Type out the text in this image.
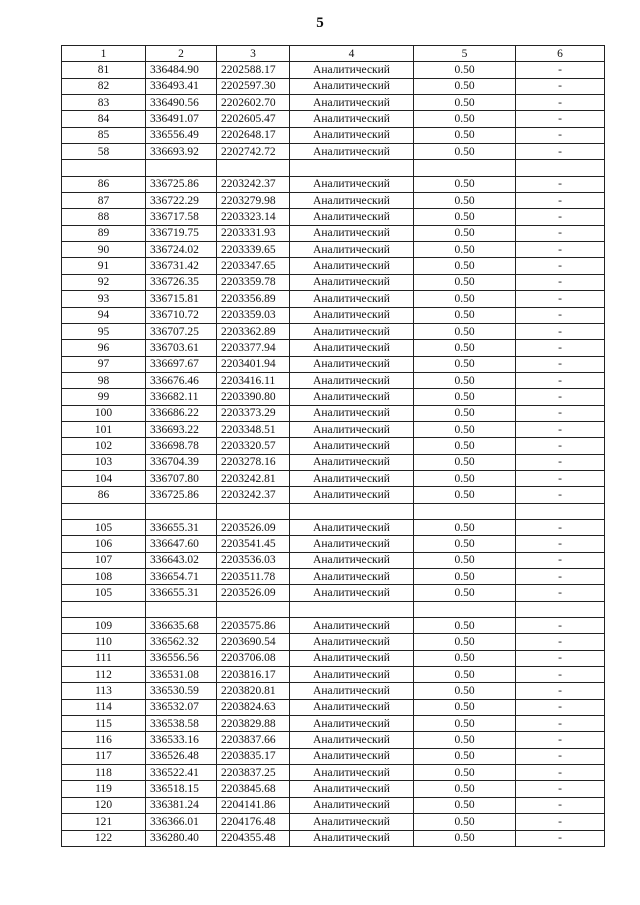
5
1	2	3	4	5	6
81	336484.90	2202588.17	Аналитический	0.50	-
82	336493.41	2202597.30	Аналитический	0.50	-
83	336490.56	2202602.70	Аналитический	0.50	-
84	336491.07	2202605.47	Аналитический	0.50	-
85	336556.49	2202648.17	Аналитический	0.50	-
58	336693.92	2202742.72	Аналитический	0.50	-

86	336725.86	2203242.37	Аналитический	0.50	-
87	336722.29	2203279.98	Аналитический	0.50	-
88	336717.58	2203323.14	Аналитический	0.50	-
89	336719.75	2203331.93	Аналитический	0.50	-
90	336724.02	2203339.65	Аналитический	0.50	-
91	336731.42	2203347.65	Аналитический	0.50	-
92	336726.35	2203359.78	Аналитический	0.50	-
93	336715.81	2203356.89	Аналитический	0.50	-
94	336710.72	2203359.03	Аналитический	0.50	-
95	336707.25	2203362.89	Аналитический	0.50	-
96	336703.61	2203377.94	Аналитический	0.50	-
97	336697.67	2203401.94	Аналитический	0.50	-
98	336676.46	2203416.11	Аналитический	0.50	-
99	336682.11	2203390.80	Аналитический	0.50	-
100	336686.22	2203373.29	Аналитический	0.50	-
101	336693.22	2203348.51	Аналитический	0.50	-
102	336698.78	2203320.57	Аналитический	0.50	-
103	336704.39	2203278.16	Аналитический	0.50	-
104	336707.80	2203242.81	Аналитический	0.50	-
86	336725.86	2203242.37	Аналитический	0.50	-

105	336655.31	2203526.09	Аналитический	0.50	-
106	336647.60	2203541.45	Аналитический	0.50	-
107	336643.02	2203536.03	Аналитический	0.50	-
108	336654.71	2203511.78	Аналитический	0.50	-
105	336655.31	2203526.09	Аналитический	0.50	-

109	336635.68	2203575.86	Аналитический	0.50	-
110	336562.32	2203690.54	Аналитический	0.50	-
111	336556.56	2203706.08	Аналитический	0.50	-
112	336531.08	2203816.17	Аналитический	0.50	-
113	336530.59	2203820.81	Аналитический	0.50	-
114	336532.07	2203824.63	Аналитический	0.50	-
115	336538.58	2203829.88	Аналитический	0.50	-
116	336533.16	2203837.66	Аналитический	0.50	-
117	336526.48	2203835.17	Аналитический	0.50	-
118	336522.41	2203837.25	Аналитический	0.50	-
119	336518.15	2203845.68	Аналитический	0.50	-
120	336381.24	2204141.86	Аналитический	0.50	-
121	336366.01	2204176.48	Аналитический	0.50	-
122	336280.40	2204355.48	Аналитический	0.50	-
